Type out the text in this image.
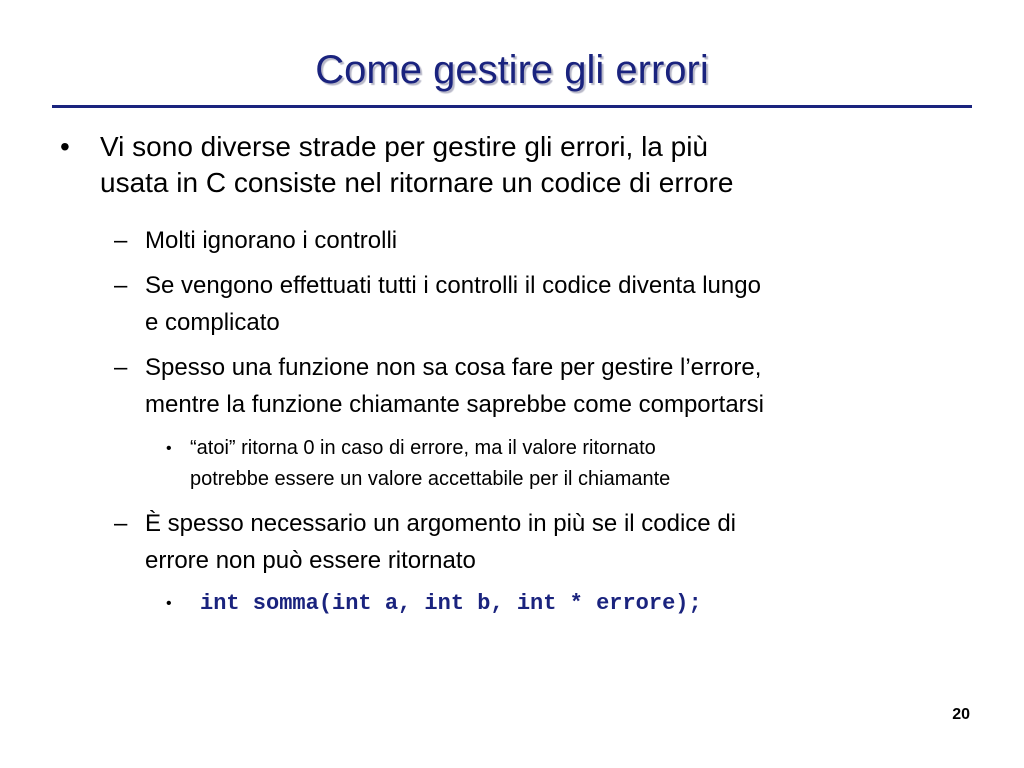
Come gestire gli errori
• Vi sono diverse strade per gestire gli errori, la più
usata in C consiste nel ritornare un codice di errore
– Molti ignorano i controlli
– Se vengono effettuati tutti i controlli il codice diventa lungo
e complicato
– Spesso una funzione non sa cosa fare per gestire l’errore,
mentre la funzione chiamante saprebbe come comportarsi
• “atoi” ritorna 0 in caso di errore, ma il valore ritornato
potrebbe essere un valore accettabile per il chiamante
– È spesso necessario un argomento in più se il codice di
errore non può essere ritornato
• int somma(int a, int b, int * errore);
20
